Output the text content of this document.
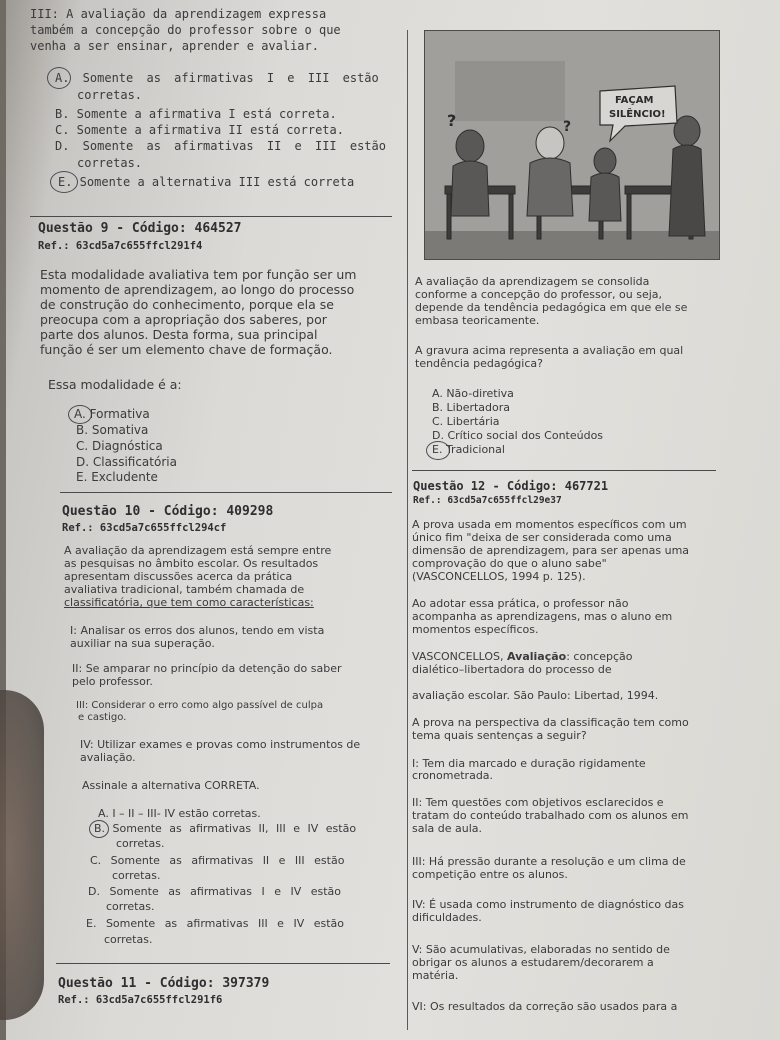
III: A avaliação da aprendizagem expressa
também a concepção do professor sobre o que
venha a ser ensinar, aprender e avaliar.
A. Somente as afirmativas I e III estão
corretas.
B. Somente a afirmativa I está correta.
C. Somente a afirmativa II está correta.
D. Somente as afirmativas II e III estão
corretas.
E. Somente a alternativa III está correta
Questão 9 - Código: 464527
Ref.: 63cd5a7c655ffcl291f4
Esta modalidade avaliativa tem por função ser um
momento de aprendizagem, ao longo do processo
de construção do conhecimento, porque ela se
preocupa com a apropriação dos saberes, por
parte dos alunos. Desta forma, sua principal
função é ser um elemento chave de formação.
Essa modalidade é a:
A. Formativa
B. Somativa
C. Diagnóstica
D. Classificatória
E. Excludente
Questão 10 - Código: 409298
Ref.: 63cd5a7c655ffcl294cf
A avaliação da aprendizagem está sempre entre
as pesquisas no âmbito escolar. Os resultados
apresentam discussões acerca da prática
avaliativa tradicional, também chamada de
classificatória, que tem como características:
I: Analisar os erros dos alunos, tendo em vista
auxiliar na sua superação.
II: Se amparar no princípio da detenção do saber
pelo professor.
III: Considerar o erro como algo passível de culpa
e castigo.
IV: Utilizar exames e provas como instrumentos de
avaliação.
Assinale a alternativa CORRETA.
A. I – II – III- IV estão corretas.
B. Somente as afirmativas II, III e IV estão
corretas.
C. Somente as afirmativas II e III estão
corretas.
D. Somente as afirmativas I e IV estão
corretas.
E. Somente as afirmativas III e IV estão
corretas.
Questão 11 - Código: 397379
Ref.: 63cd5a7c655ffcl291f6
FAÇAM
SILÊNCIO!
?	?
A avaliação da aprendizagem se consolida
conforme a concepção do professor, ou seja,
depende da tendência pedagógica em que ele se
embasa teoricamente.
A gravura acima representa a avaliação em qual
tendência pedagógica?
A. Não-diretiva
B. Libertadora
C. Libertária
D. Crítico social dos Conteúdos
E. Tradicional
Questão 12 - Código: 467721
Ref.: 63cd5a7c655ffcl29e37
A prova usada em momentos específicos com um
único fim "deixa de ser considerada como uma
dimensão de aprendizagem, para ser apenas uma
comprovação do que o aluno sabe"
(VASCONCELLOS, 1994 p. 125).
Ao adotar essa prática, o professor não
acompanha as aprendizagens, mas o aluno em
momentos específicos.
VASCONCELLOS, Avaliação: concepção
dialético–libertadora do processo de
avaliação escolar. São Paulo: Libertad, 1994.
A prova na perspectiva da classificação tem como
tema quais sentenças a seguir?
I: Tem dia marcado e duração rigidamente
cronometrada.
II: Tem questões com objetivos esclarecidos e
tratam do conteúdo trabalhado com os alunos em
sala de aula.
III: Há pressão durante a resolução e um clima de
competição entre os alunos.
IV: É usada como instrumento de diagnóstico das
dificuldades.
V: São acumulativas, elaboradas no sentido de
obrigar os alunos a estudarem/decorarem a
matéria.
VI: Os resultados da correção são usados para a
